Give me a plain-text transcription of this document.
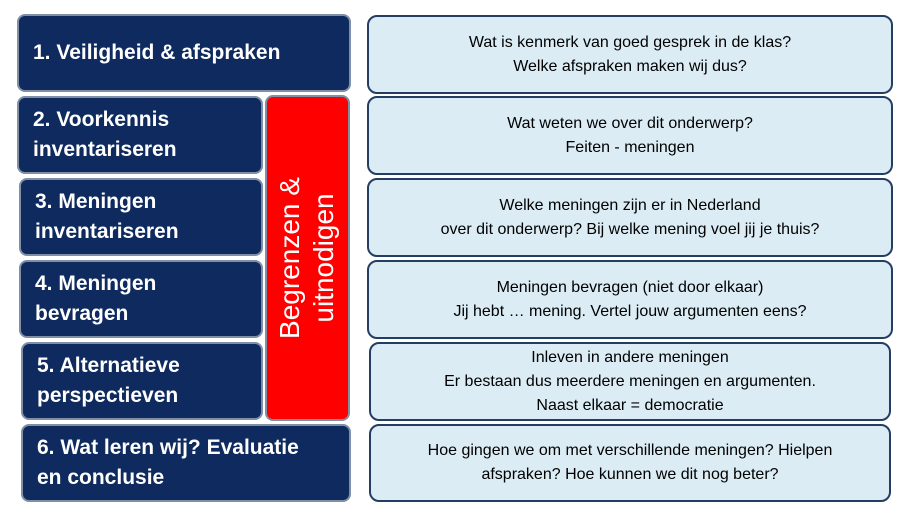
1. Veiligheid & afspraken
2. Voorkennis
inventariseren
3. Meningen
inventariseren
4. Meningen
bevragen
5. Alternatieve
perspectieven
6. Wat leren wij? Evaluatie
en conclusie
Begrenzen & uitnodigen
Wat is kenmerk van goed gesprek in de klas?
Welke afspraken maken wij dus?
Wat weten we over dit onderwerp?
Feiten - meningen
Welke meningen zijn er in Nederland
over dit onderwerp? Bij welke mening voel jij je thuis?
Meningen bevragen (niet door elkaar)
Jij hebt … mening. Vertel jouw argumenten eens?
Inleven in andere meningen
Er bestaan dus meerdere meningen en argumenten.
Naast elkaar = democratie
Hoe gingen we om met verschillende meningen? Hielpen
afspraken? Hoe kunnen we dit nog beter?
